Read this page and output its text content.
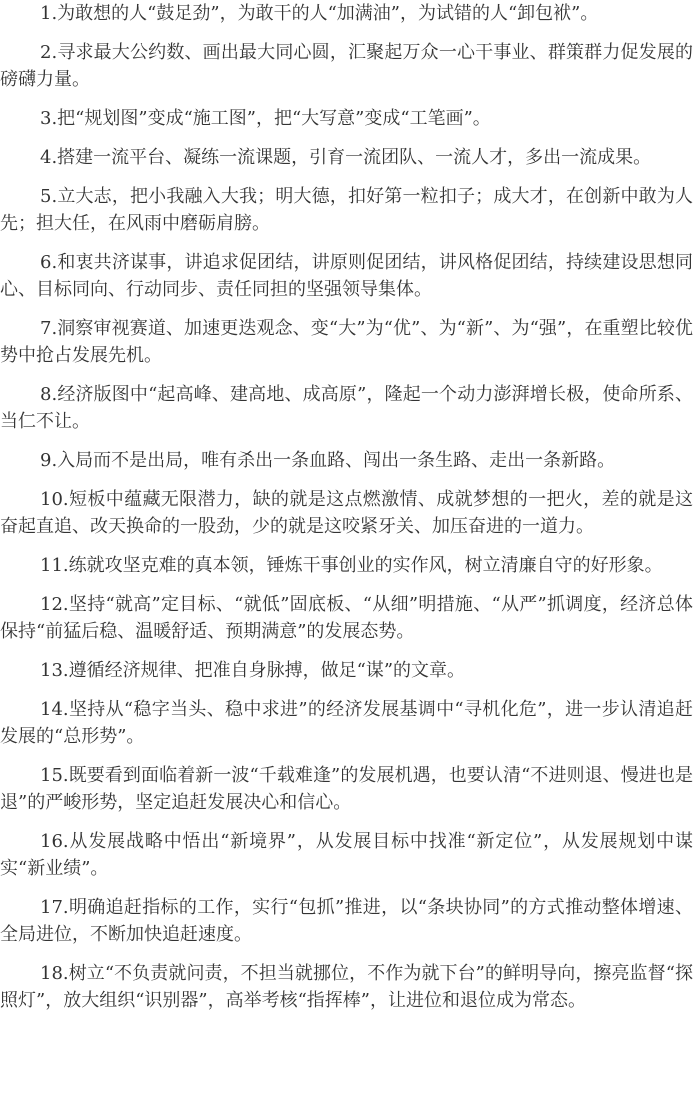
1.为敢想的人“鼓足劲”，为敢干的人“加满油”，为试错的人“卸包袱”。

2.寻求最大公约数、画出最大同心圆，汇聚起万众一心干事业、群策群力促发展的磅礴力量。

3.把“规划图”变成“施工图”，把“大写意”变成“工笔画”。

4.搭建一流平台、凝练一流课题，引育一流团队、一流人才，多出一流成果。

5.立大志，把小我融入大我；明大德，扣好第一粒扣子；成大才，在创新中敢为人先；担大任，在风雨中磨砺肩膀。

6.和衷共济谋事，讲追求促团结，讲原则促团结，讲风格促团结，持续建设思想同心、目标同向、行动同步、责任同担的坚强领导集体。

7.洞察审视赛道、加速更迭观念、变“大”为“优”、为“新”、为“强”，在重塑比较优势中抢占发展先机。

8.经济版图中“起高峰、建高地、成高原”，隆起一个动力澎湃增长极，使命所系、当仁不让。

9.入局而不是出局，唯有杀出一条血路、闯出一条生路、走出一条新路。

10.短板中蕴藏无限潜力，缺的就是这点燃激情、成就梦想的一把火，差的就是这奋起直追、改天换命的一股劲，少的就是这咬紧牙关、加压奋进的一道力。

11.练就攻坚克难的真本领，锤炼干事创业的实作风，树立清廉自守的好形象。

12.坚持“就高”定目标、“就低”固底板、“从细”明措施、“从严”抓调度，经济总体保持“前猛后稳、温暖舒适、预期满意”的发展态势。

13.遵循经济规律、把准自身脉搏，做足“谋”的文章。

14.坚持从“稳字当头、稳中求进”的经济发展基调中“寻机化危”，进一步认清追赶发展的“总形势”。

15.既要看到面临着新一波“千载难逢”的发展机遇，也要认清“不进则退、慢进也是退”的严峻形势，坚定追赶发展决心和信心。

16.从发展战略中悟出“新境界”，从发展目标中找准“新定位”，从发展规划中谋实“新业绩”。

17.明确追赶指标的工作，实行“包抓”推进，以“条块协同”的方式推动整体增速、全局进位，不断加快追赶速度。

18.树立“不负责就问责，不担当就挪位，不作为就下台”的鲜明导向，擦亮监督“探照灯”，放大组织“识别器”，高举考核“指挥棒”，让进位和退位成为常态。
